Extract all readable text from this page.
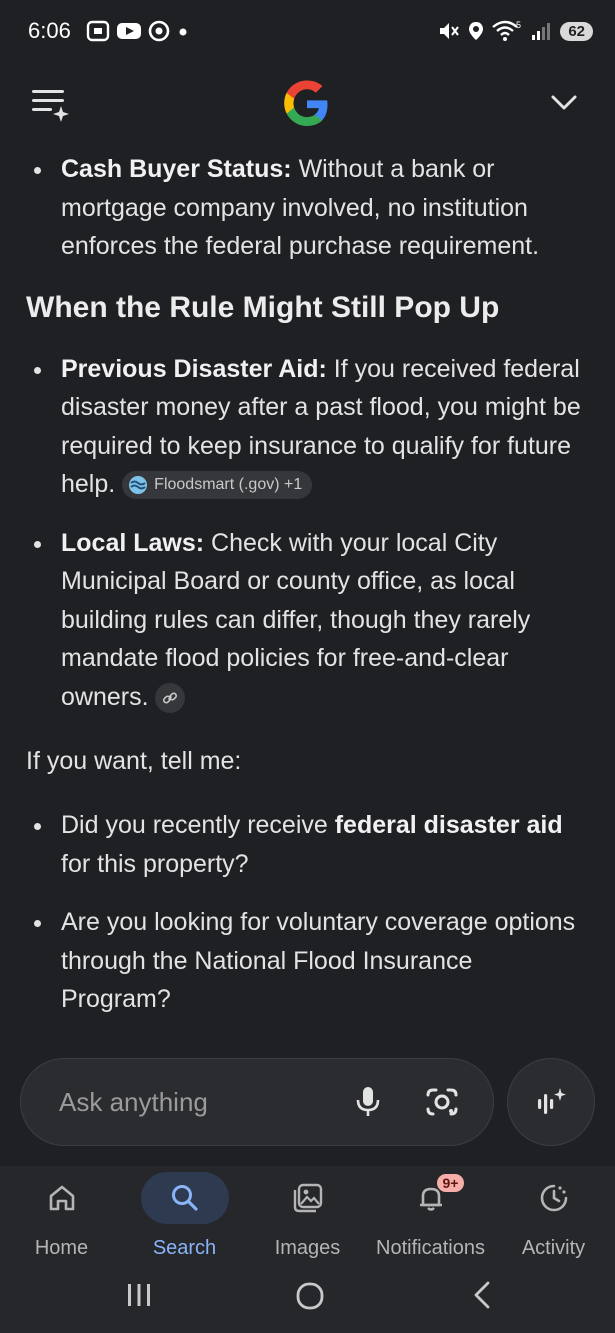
6:06	5	62
Cash Buyer Status: Without a bank or mortgage company involved, no institution enforces the federal purchase requirement.
When the Rule Might Still Pop Up
Previous Disaster Aid: If you received federal disaster money after a past flood, you might be required to keep insurance to qualify for future help. Floodsmart (.gov) +1
Local Laws: Check with your local City Municipal Board or county office, as local building rules can differ, though they rarely mandate flood policies for free-and-clear owners.

If you want, tell me:

Did you recently receive federal disaster aid for this property?
Are you looking for voluntary coverage options through the National Flood Insurance Program?
Ask anything
Home	Search	Images
9+
Notifications Activity
